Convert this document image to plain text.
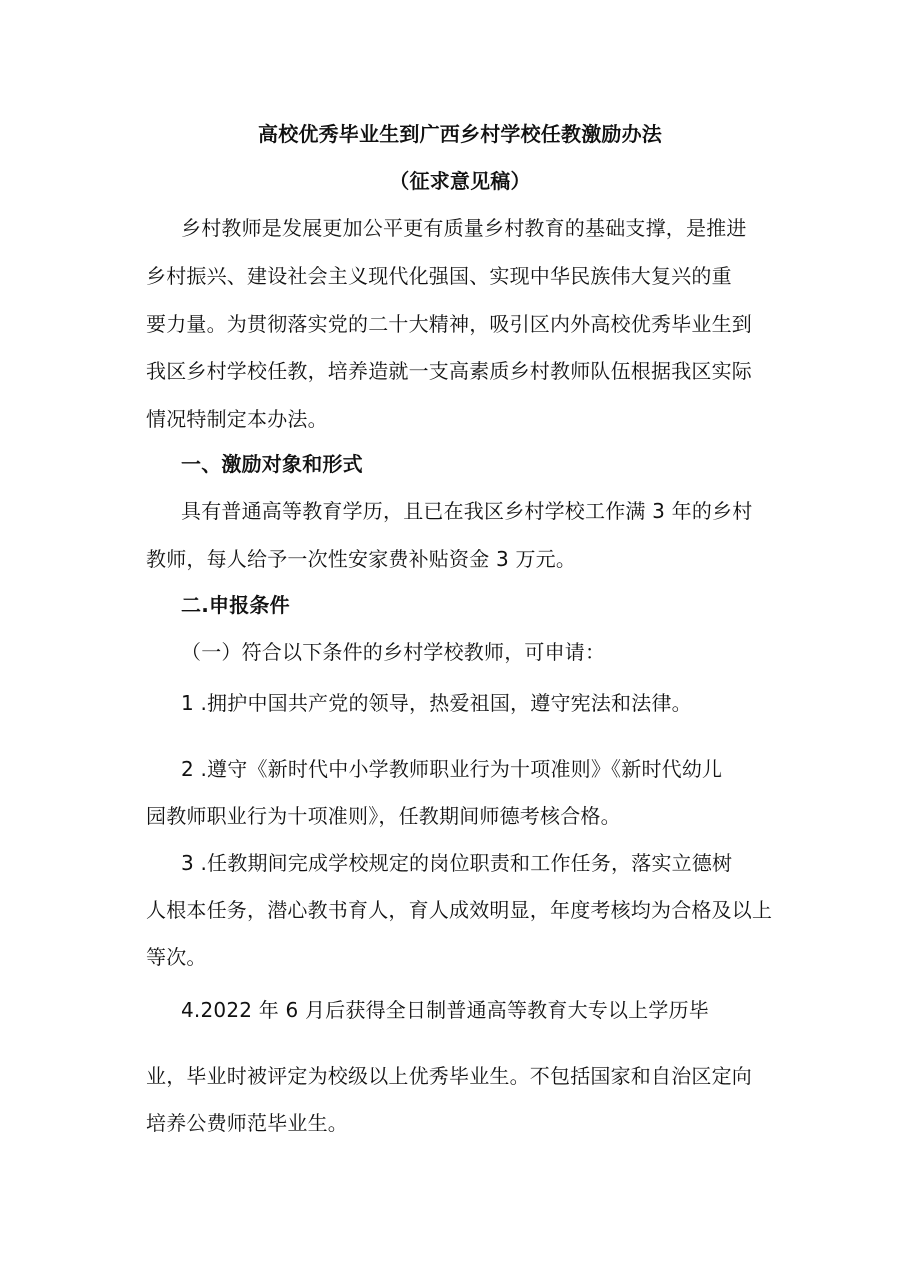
高校优秀毕业生到广西乡村学校任教激励办法
（征求意见稿）
乡村教师是发展更加公平更有质量乡村教育的基础支撑，是推进
乡村振兴、建设社会主义现代化强国、实现中华民族伟大复兴的重
要力量。为贯彻落实党的二十大精神，吸引区内外高校优秀毕业生到
我区乡村学校任教，培养造就一支高素质乡村教师队伍根据我区实际
情况特制定本办法。
一、激励对象和形式
具有普通高等教育学历，且已在我区乡村学校工作满 3 年的乡村
教师，每人给予一次性安家费补贴资金 3 万元。
二.申报条件
（一）符合以下条件的乡村学校教师，可申请：
1 .拥护中国共产党的领导，热爱祖国，遵守宪法和法律。
2 .遵守《新时代中小学教师职业行为十项准则》《新时代幼儿
园教师职业行为十项准则》，任教期间师德考核合格。
3 .任教期间完成学校规定的岗位职责和工作任务，落实立德树
人根本任务，潜心教书育人，育人成效明显，年度考核均为合格及以上
等次。
4.2022 年 6 月后获得全日制普通高等教育大专以上学历毕
业，毕业时被评定为校级以上优秀毕业生。不包括国家和自治区定向
培养公费师范毕业生。
